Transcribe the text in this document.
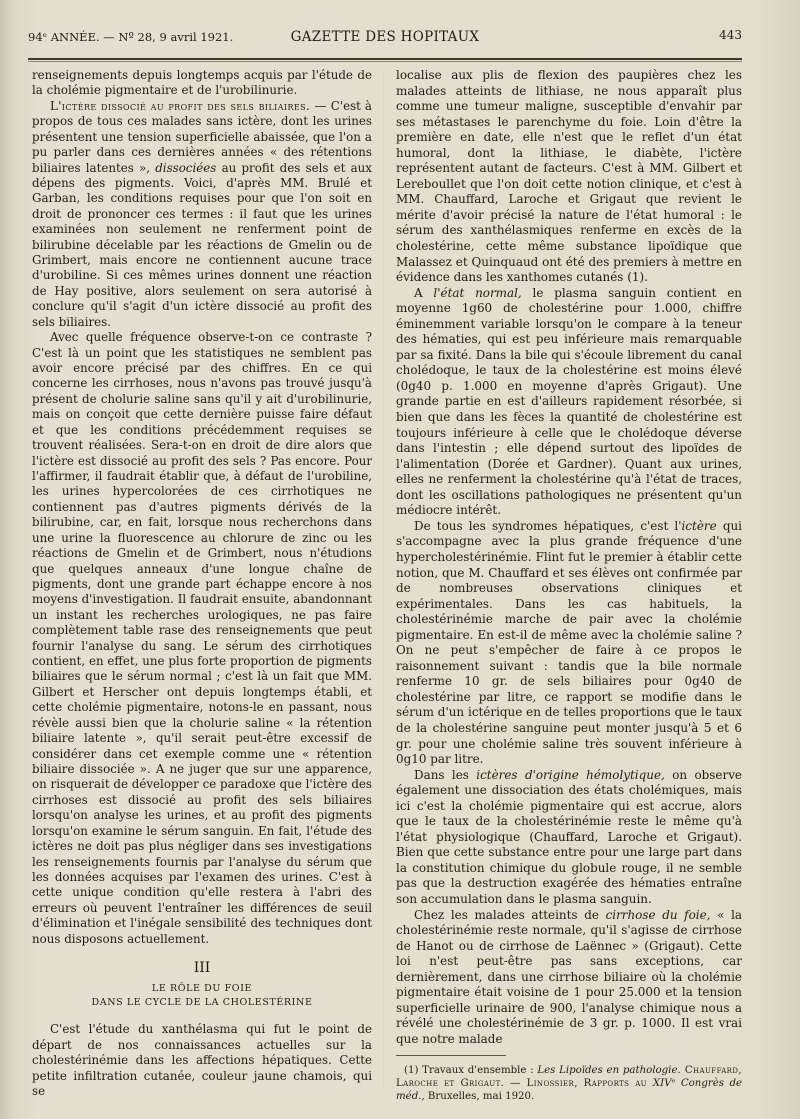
94ᵉ ANNÉE. — Nº 28, 9 avril 1921.	GAZETTE DES HOPITAUX	443

renseignements depuis longtemps acquis par l'étude de la cholémie pigmentaire et de l'urobilinurie.

L'ictère dissocié au profit des sels biliaires. — C'est à propos de tous ces malades sans ictère, dont les urines présentent une tension superficielle abaissée, que l'on a pu parler dans ces dernières années « des rétentions biliaires latentes », dissociées au profit des sels et aux dépens des pigments. Voici, d'après MM. Brulé et Garban, les conditions requises pour que l'on soit en droit de prononcer ces termes : il faut que les urines examinées non seulement ne renferment point de bilirubine décelable par les réactions de Gmelin ou de Grimbert, mais encore ne contiennent aucune trace d'urobiline. Si ces mêmes urines donnent une réaction de Hay positive, alors seulement on sera autorisé à conclure qu'il s'agit d'un ictère dissocié au profit des sels biliaires.

Avec quelle fréquence observe-t-on ce contraste ? C'est là un point que les statistiques ne semblent pas avoir encore précisé par des chiffres. En ce qui concerne les cirrhoses, nous n'avons pas trouvé jusqu'à présent de cholurie saline sans qu'il y ait d'urobilinurie, mais on conçoit que cette dernière puisse faire défaut et que les conditions précédemment requises se trouvent réalisées. Sera-t-on en droit de dire alors que l'ictère est dissocié au profit des sels ? Pas encore. Pour l'affirmer, il faudrait établir que, à défaut de l'urobiline, les urines hypercolorées de ces cirrhotiques ne contiennent pas d'autres pigments dérivés de la bilirubine, car, en fait, lorsque nous recherchons dans une urine la fluorescence au chlorure de zinc ou les réactions de Gmelin et de Grimbert, nous n'étudions que quelques anneaux d'une longue chaîne de pigments, dont une grande part échappe encore à nos moyens d'investigation. Il faudrait ensuite, abandonnant un instant les recherches urologiques, ne pas faire complètement table rase des renseignements que peut fournir l'analyse du sang. Le sérum des cirrhotiques contient, en effet, une plus forte proportion de pigments biliaires que le sérum normal ; c'est là un fait que MM. Gilbert et Herscher ont depuis longtemps établi, et cette cholémie pigmentaire, notons-le en passant, nous révèle aussi bien que la cholurie saline « la rétention biliaire latente », qu'il serait peut-être excessif de considérer dans cet exemple comme une « rétention biliaire dissociée ». A ne juger que sur une apparence, on risquerait de développer ce paradoxe que l'ictère des cirrhoses est dissocié au profit des sels biliaires lorsqu'on analyse les urines, et au profit des pigments lorsqu'on examine le sérum sanguin. En fait, l'étude des ictères ne doit pas plus négliger dans ses investigations les renseignements fournis par l'analyse du sérum que les données acquises par l'examen des urines. C'est à cette unique condition qu'elle restera à l'abri des erreurs où peuvent l'entraîner les différences de seuil d'élimination et l'inégale sensibilité des techniques dont nous disposons actuellement.

III
LE RÔLE DU FOIE
DANS LE CYCLE DE LA CHOLESTÉRINE

C'est l'étude du xanthélasma qui fut le point de départ de nos connaissances actuelles sur la cholestérinémie dans les affections hépatiques. Cette petite infiltration cutanée, couleur jaune chamois, qui se

localise aux plis de flexion des paupières chez les malades atteints de lithiase, ne nous apparaît plus comme une tumeur maligne, susceptible d'envahir par ses métastases le parenchyme du foie. Loin d'être la première en date, elle n'est que le reflet d'un état humoral, dont la lithiase, le diabète, l'ictère représentent autant de facteurs. C'est à MM. Gilbert et Lereboullet que l'on doit cette notion clinique, et c'est à MM. Chauffard, Laroche et Grigaut que revient le mérite d'avoir précisé la nature de l'état humoral : le sérum des xanthélasmiques renferme en excès de la cholestérine, cette même substance lipoïdique que Malassez et Quinquaud ont été des premiers à mettre en évidence dans les xanthomes cutanés (1).

A l'état normal, le plasma sanguin contient en moyenne 1g60 de cholestérine pour 1.000, chiffre éminemment variable lorsqu'on le compare à la teneur des hématies, qui est peu inférieure mais remarquable par sa fixité. Dans la bile qui s'écoule librement du canal cholédoque, le taux de la cholestérine est moins élevé (0g40 p. 1.000 en moyenne d'après Grigaut). Une grande partie en est d'ailleurs rapidement résorbée, si bien que dans les fèces la quantité de cholestérine est toujours inférieure à celle que le cholédoque déverse dans l'intestin ; elle dépend surtout des lipoïdes de l'alimentation (Dorée et Gardner). Quant aux urines, elles ne renferment la cholestérine qu'à l'état de traces, dont les oscillations pathologiques ne présentent qu'un médiocre intérêt.

De tous les syndromes hépatiques, c'est l'ictère qui s'accompagne avec la plus grande fréquence d'une hypercholestérinémie. Flint fut le premier à établir cette notion, que M. Chauffard et ses élèves ont confirmée par de nombreuses observations cliniques et expérimentales. Dans les cas habituels, la cholestérinémie marche de pair avec la cholémie pigmentaire. En est-il de même avec la cholémie saline ? On ne peut s'empêcher de faire à ce propos le raisonnement suivant : tandis que la bile normale renferme 10 gr. de sels biliaires pour 0g40 de cholestérine par litre, ce rapport se modifie dans le sérum d'un ictérique en de telles proportions que le taux de la cholestérine sanguine peut monter jusqu'à 5 et 6 gr. pour une cholémie saline très souvent inférieure à 0g10 par litre.

Dans les ictères d'origine hémolytique, on observe également une dissociation des états cholémiques, mais ici c'est la cholémie pigmentaire qui est accrue, alors que le taux de la cholestérinémie reste le même qu'à l'état physiologique (Chauffard, Laroche et Grigaut). Bien que cette substance entre pour une large part dans la constitution chimique du globule rouge, il ne semble pas que la destruction exagérée des hématies entraîne son accumulation dans le plasma sanguin.

Chez les malades atteints de cirrhose du foie, « la cholestérinémie reste normale, qu'il s'agisse de cirrhose de Hanot ou de cirrhose de Laënnec » (Grigaut). Cette loi n'est peut-être pas sans exceptions, car dernièrement, dans une cirrhose biliaire où la cholémie pigmentaire était voisine de 1 pour 25.000 et la tension superficielle urinaire de 900, l'analyse chimique nous a révélé une cholestérinémie de 3 gr. p. 1000. Il est vrai que notre malade

(1) Travaux d'ensemble : Les Lipoïdes en pathologie. Chauffard, Laroche et Grigaut. — Linossier, Rapports au XIVᵉ Congrès de méd., Bruxelles, mai 1920.
